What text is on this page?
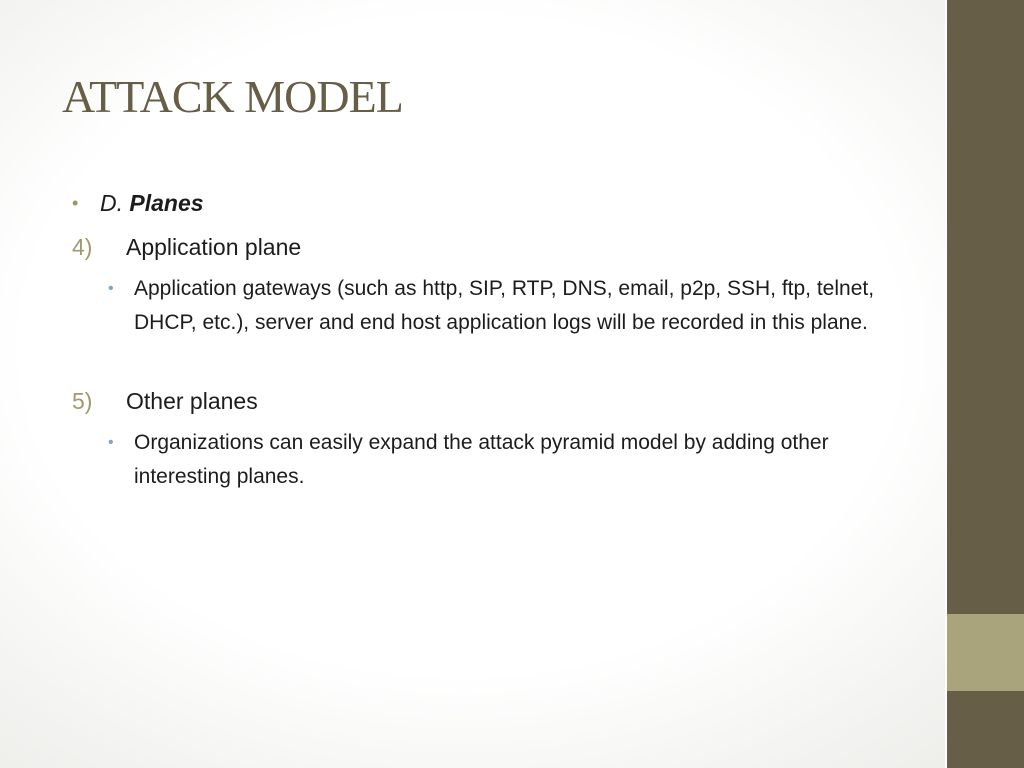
ATTACK MODEL
• D. Planes
4) Application plane
• Application gateways (such as http, SIP, RTP, DNS, email, p2p, SSH, ftp, telnet, DHCP, etc.), server and end host application logs will be recorded in this plane.
5) Other planes
• Organizations can easily expand the attack pyramid model by adding other interesting planes.
